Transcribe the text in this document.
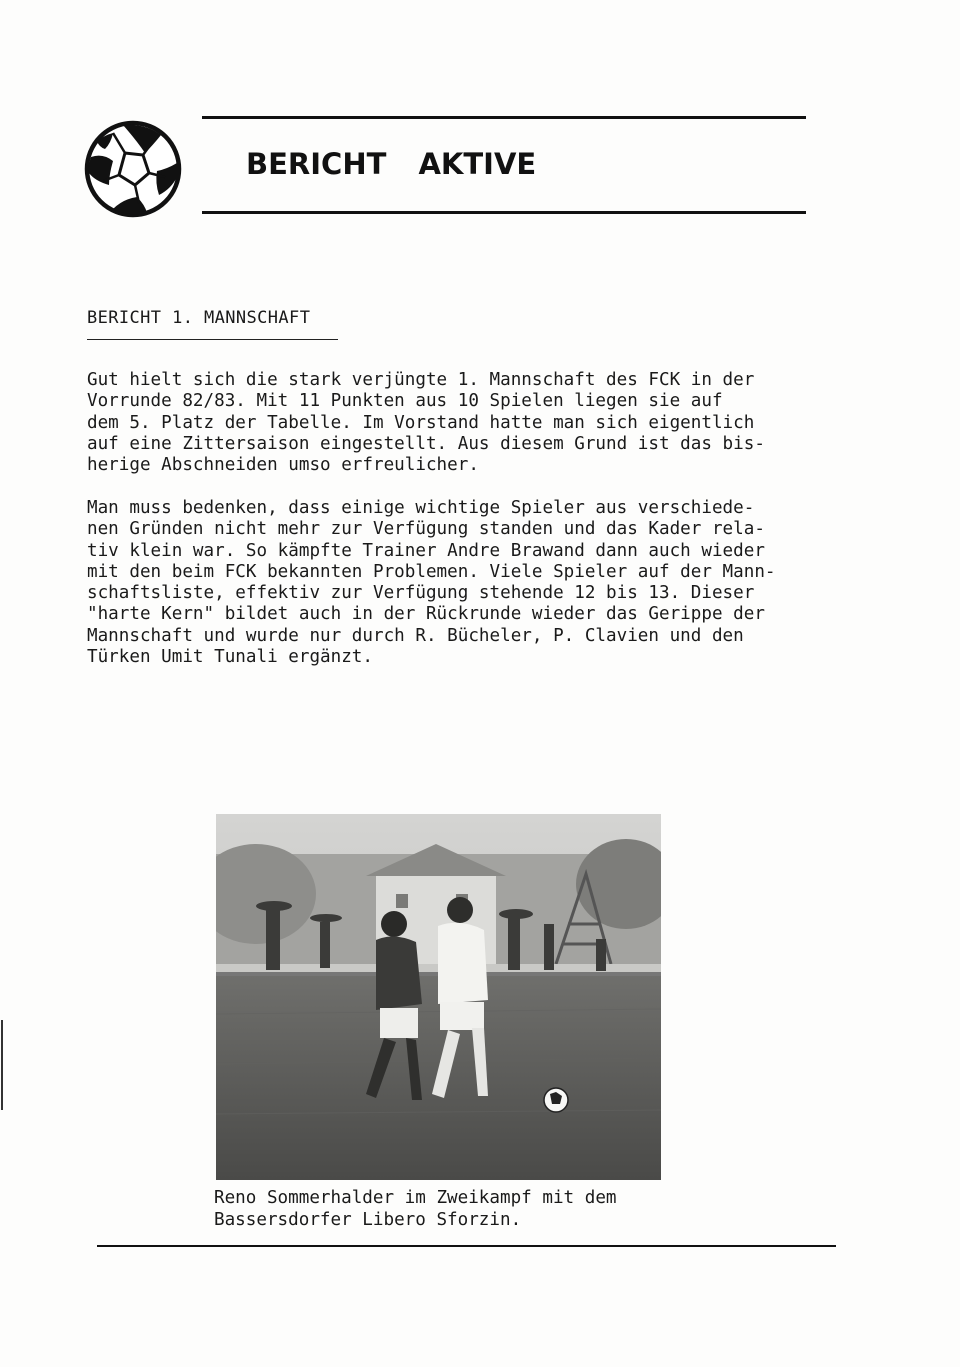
BERICHT AKTIVE
BERICHT 1. MANNSCHAFT

Gut hielt sich die stark verjüngte 1. Mannschaft des FCK in der
Vorrunde 82/83. Mit 11 Punkten aus 10 Spielen liegen sie auf
dem 5. Platz der Tabelle. Im Vorstand hatte man sich eigentlich
auf eine Zittersaison eingestellt. Aus diesem Grund ist das bis-
herige Abschneiden umso erfreulicher.

Man muss bedenken, dass einige wichtige Spieler aus verschiede-
nen Gründen nicht mehr zur Verfügung standen und das Kader rela-
tiv klein war. So kämpfte Trainer Andre Brawand dann auch wieder
mit den beim FCK bekannten Problemen. Viele Spieler auf der Mann-
schaftsliste, effektiv zur Verfügung stehende 12 bis 13. Dieser
"harte Kern" bildet auch in der Rückrunde wieder das Gerippe der
Mannschaft und wurde nur durch R. Bücheler, P. Clavien und den
Türken Umit Tunali ergänzt.

Reno Sommerhalder im Zweikampf mit dem
Bassersdorfer Libero Sforzin.
